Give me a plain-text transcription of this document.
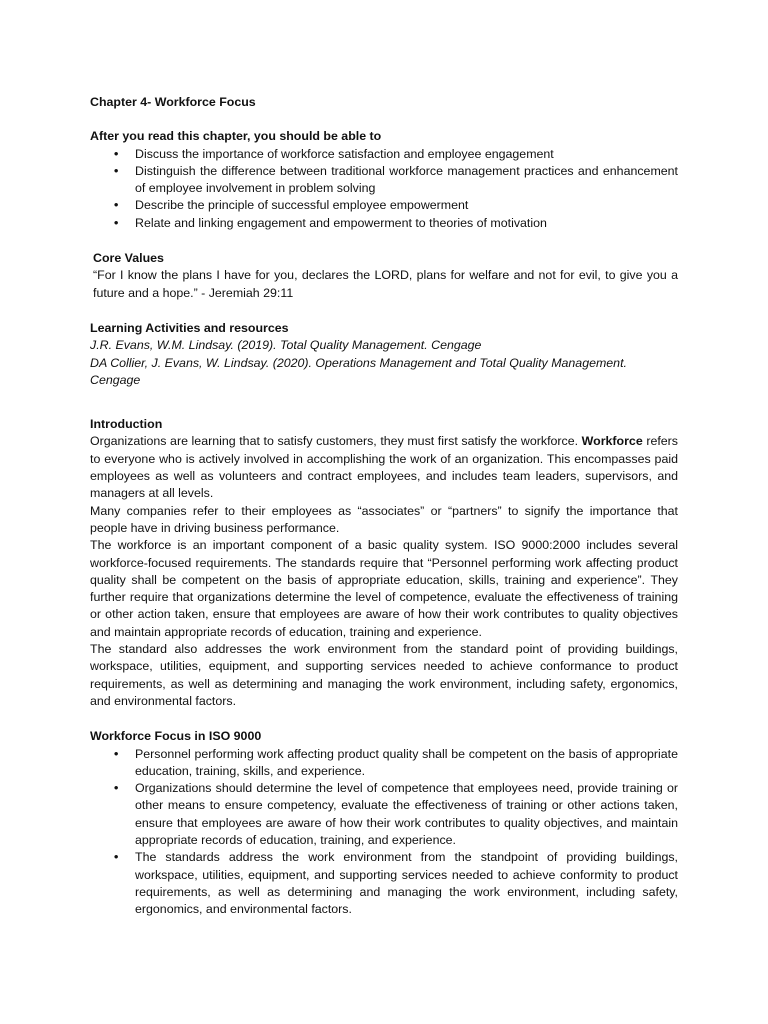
Chapter 4- Workforce Focus

After you read this chapter, you should be able to

• Discuss the importance of workforce satisfaction and employee engagement
• Distinguish the difference between traditional workforce management practices and enhancement of employee involvement in problem solving
• Describe the principle of successful employee empowerment
• Relate and linking engagement and empowerment to theories of motivation

Core Values

“For I know the plans I have for you, declares the LORD, plans for welfare and not for evil, to give you a future and a hope.” - Jeremiah 29:11

Learning Activities and resources

J.R. Evans, W.M. Lindsay. (2019). Total Quality Management. Cengage

DA Collier, J. Evans, W. Lindsay. (2020). Operations Management and Total Quality Management. Cengage

Introduction

Organizations are learning that to satisfy customers, they must first satisfy the workforce. Workforce refers to everyone who is actively involved in accomplishing the work of an organization. This encompasses paid employees as well as volunteers and contract employees, and includes team leaders, supervisors, and managers at all levels.

Many companies refer to their employees as “associates” or “partners” to signify the importance that people have in driving business performance.

The workforce is an important component of a basic quality system. ISO 9000:2000 includes several workforce-focused requirements. The standards require that “Personnel performing work affecting product quality shall be competent on the basis of appropriate education, skills, training and experience”. They further require that organizations determine the level of competence, evaluate the effectiveness of training or other action taken, ensure that employees are aware of how their work contributes to quality objectives and maintain appropriate records of education, training and experience.

The standard also addresses the work environment from the standard point of providing buildings, workspace, utilities, equipment, and supporting services needed to achieve conformance to product requirements, as well as determining and managing the work environment, including safety, ergonomics, and environmental factors.

Workforce Focus in ISO 9000

• Personnel performing work affecting product quality shall be competent on the basis of appropriate education, training, skills, and experience.
• Organizations should determine the level of competence that employees need, provide training or other means to ensure competency, evaluate the effectiveness of training or other actions taken, ensure that employees are aware of how their work contributes to quality objectives, and maintain appropriate records of education, training, and experience.
• The standards address the work environment from the standpoint of providing buildings, workspace, utilities, equipment, and supporting services needed to achieve conformity to product requirements, as well as determining and managing the work environment, including safety, ergonomics, and environmental factors.
